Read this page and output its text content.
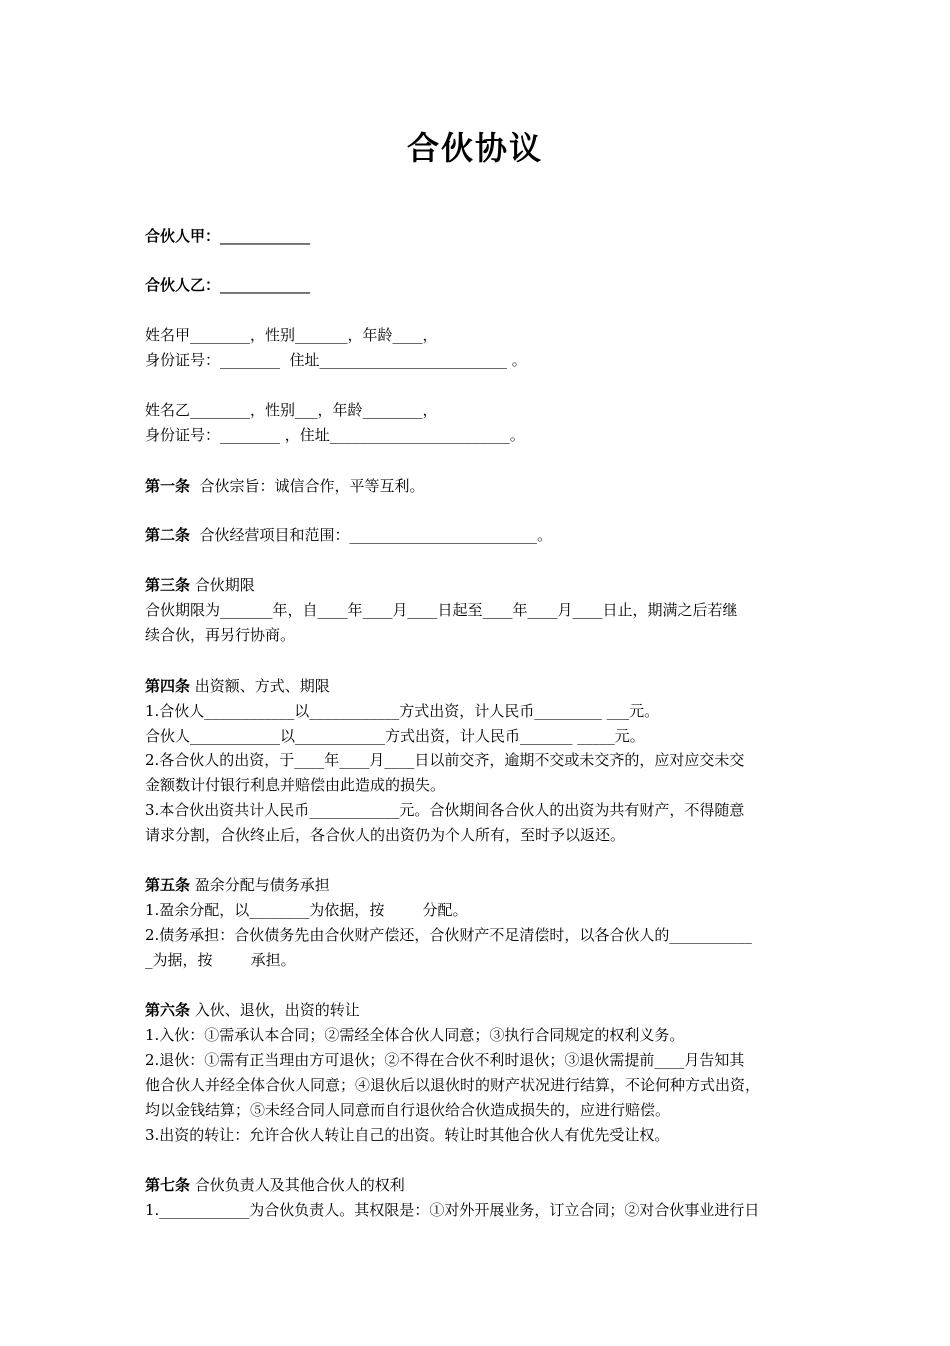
合伙协议
合伙人甲：____________
合伙人乙：____________
姓名甲________，性别_______，年龄____，
身份证号：________  住址_________________________ 。
姓名乙________，性别___，年龄________，
身份证号：________ ，住址________________________。
第一条  合伙宗旨：诚信合作，平等互利。
第二条  合伙经营项目和范围：_________________________。
第三条 合伙期限
合伙期限为_______年，自____年____月____日起至____年____月____日止，期满之后若继
续合伙，再另行协商。
第四条 出资额、方式、期限
1.合伙人____________以____________方式出资，计人民币_________ ___元。
合伙人____________以____________方式出资，计人民币_______ _____元。
2.各合伙人的出资，于____年____月____日以前交齐，逾期不交或未交齐的，应对应交未交
金额数计付银行利息并赔偿由此造成的损失。
3.本合伙出资共计人民币____________元。合伙期间各合伙人的出资为共有财产，不得随意
请求分割，合伙终止后，各合伙人的出资仍为个人所有，至时予以返还。
第五条 盈余分配与债务承担
1.盈余分配，以________为依据，按        分配。
2.债务承担：合伙债务先由合伙财产偿还，合伙财产不足清偿时，以各合伙人的___________
_为据，按        承担。
第六条 入伙、退伙，出资的转让
1.入伙：①需承认本合同；②需经全体合伙人同意；③执行合同规定的权利义务。
2.退伙：①需有正当理由方可退伙；②不得在合伙不利时退伙；③退伙需提前____月告知其
他合伙人并经全体合伙人同意；④退伙后以退伙时的财产状况进行结算，不论何种方式出资，
均以金钱结算；⑤未经合同人同意而自行退伙给合伙造成损失的，应进行赔偿。
3.出资的转让：允许合伙人转让自己的出资。转让时其他合伙人有优先受让权。
第七条 合伙负责人及其他合伙人的权利
1.____________为合伙负责人。其权限是：①对外开展业务，订立合同；②对合伙事业进行日
